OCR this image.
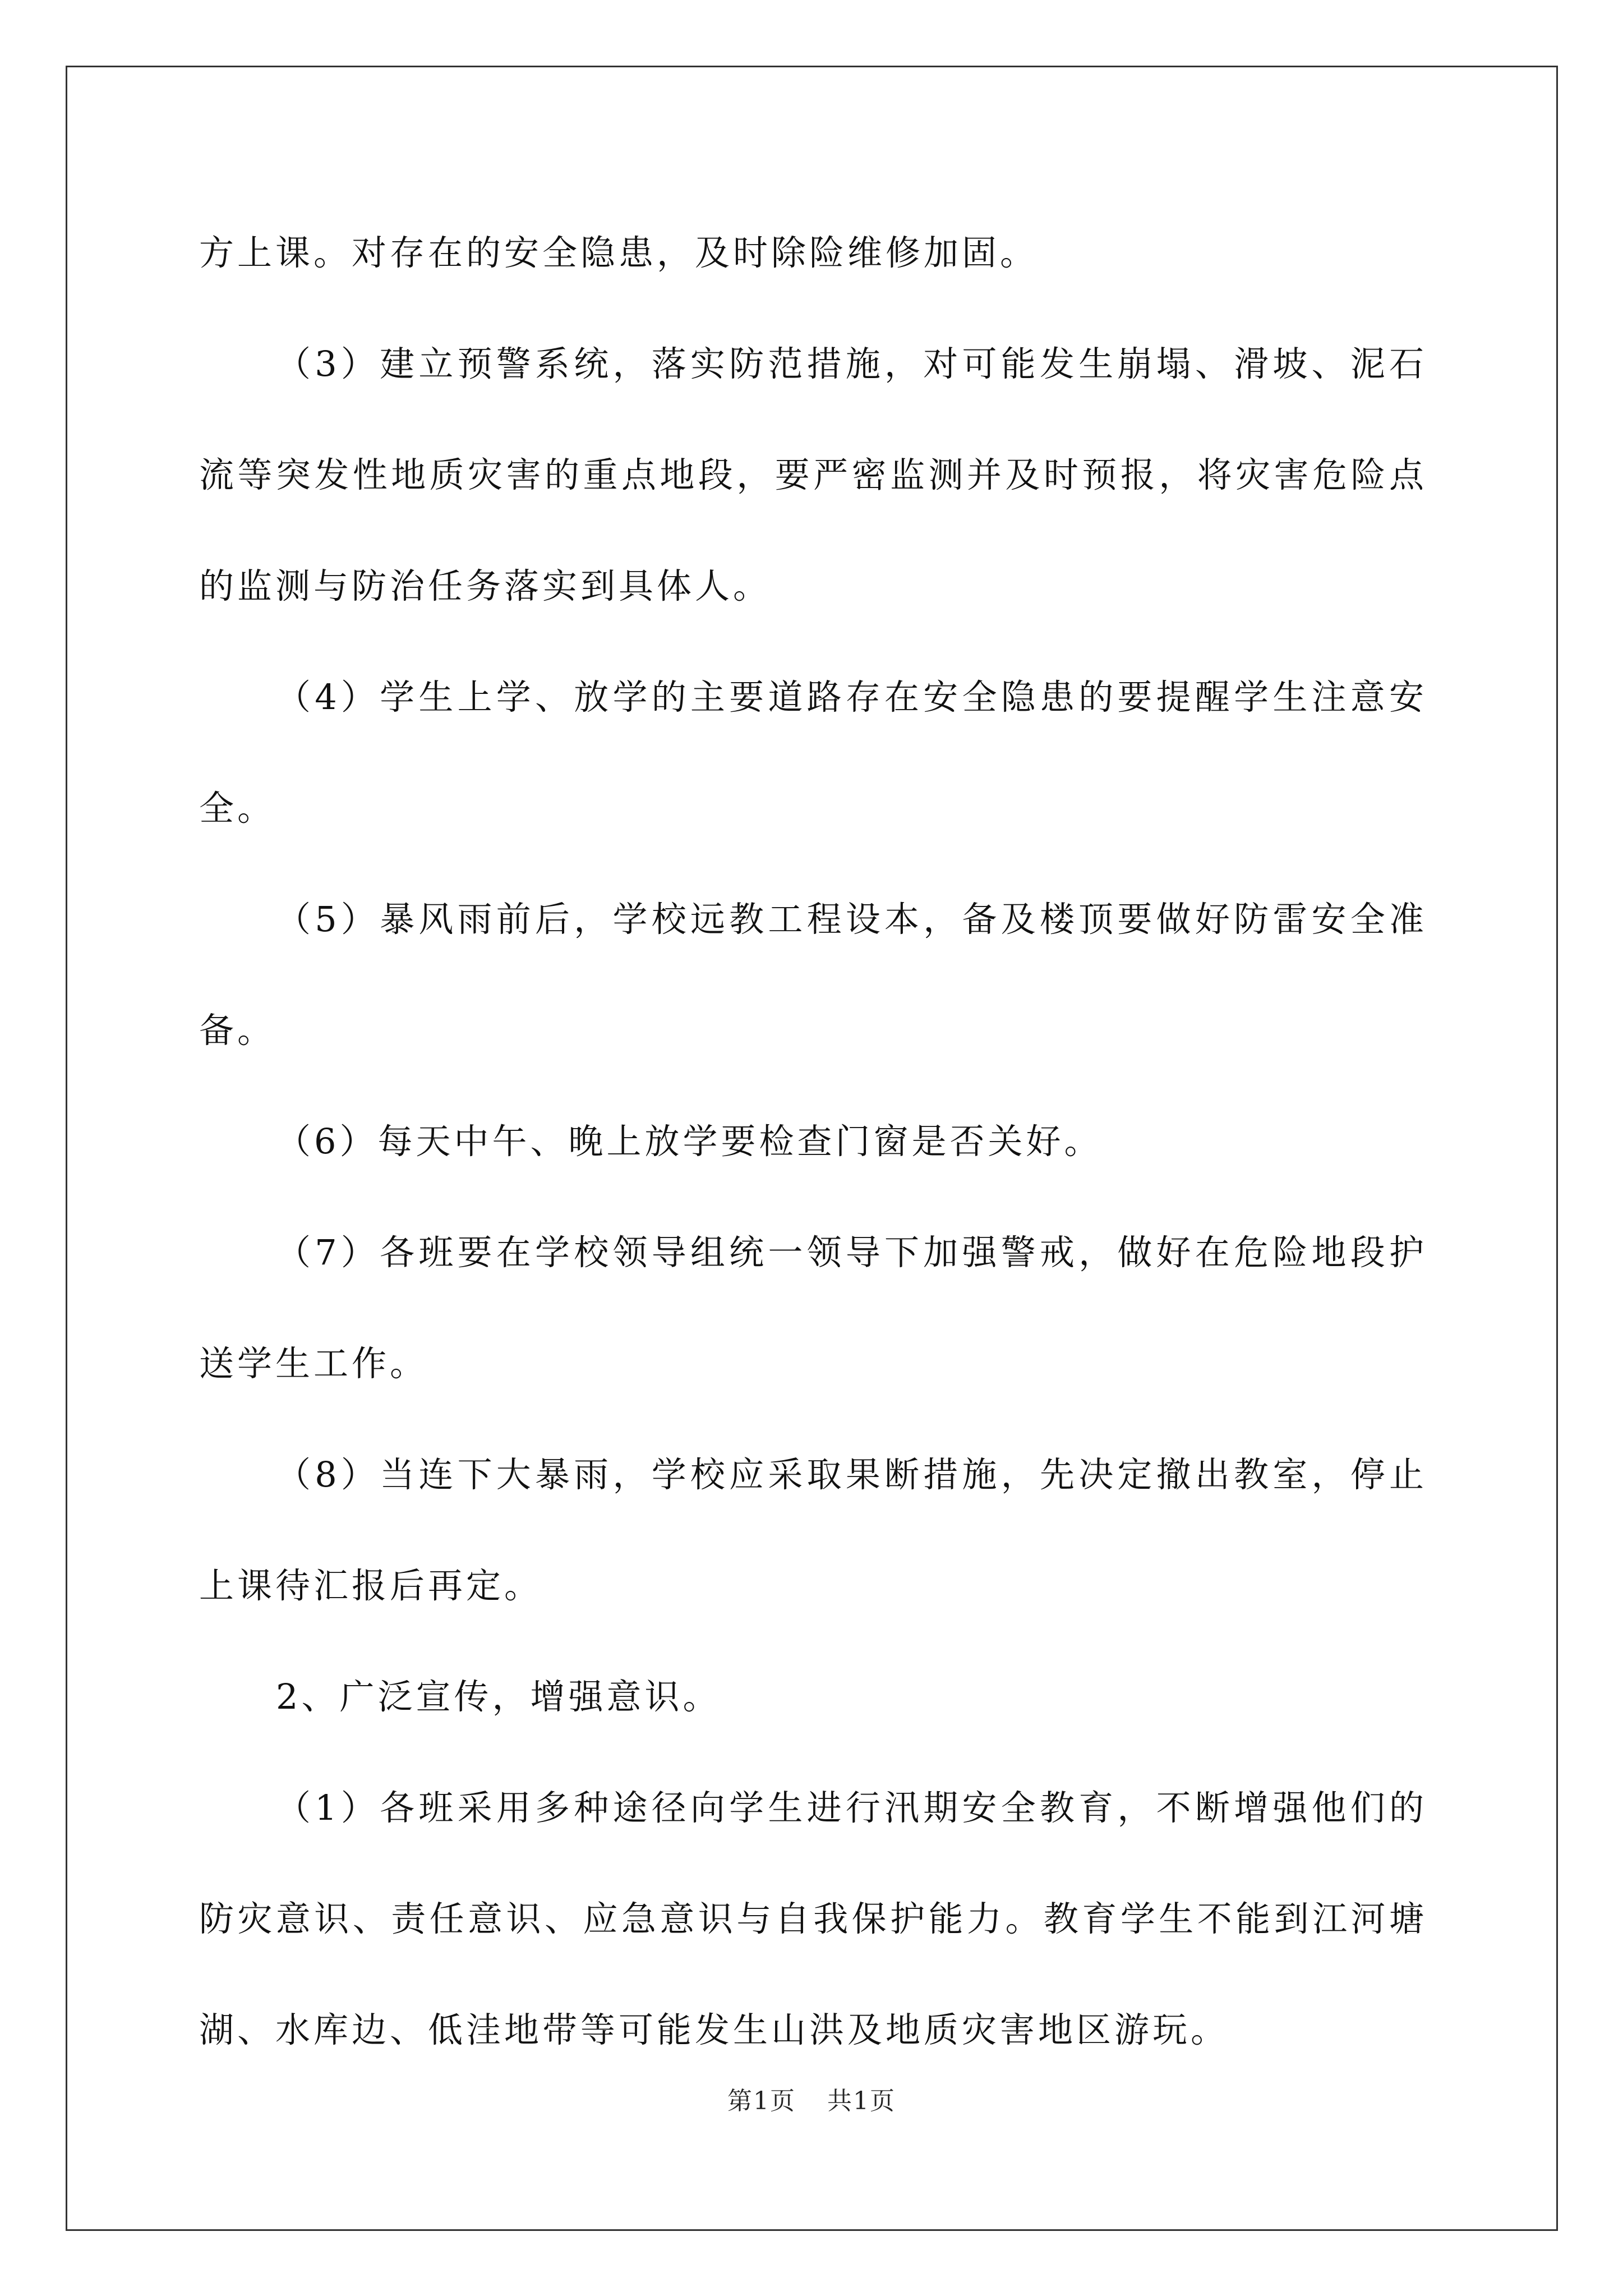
方上课。对存在的安全隐患，及时除险维修加固。

（3）建立预警系统，落实防范措施，对可能发生崩塌、滑坡、泥石流等突发性地质灾害的重点地段，要严密监测并及时预报，将灾害危险点的监测与防治任务落实到具体人。

（4）学生上学、放学的主要道路存在安全隐患的要提醒学生注意安全。

（5）暴风雨前后，学校远教工程设本，备及楼顶要做好防雷安全准备。

（6）每天中午、晚上放学要检查门窗是否关好。

（7）各班要在学校领导组统一领导下加强警戒，做好在危险地段护送学生工作。

（8）当连下大暴雨，学校应采取果断措施，先决定撤出教室，停止上课待汇报后再定。

2、广泛宣传，增强意识。

（1）各班采用多种途径向学生进行汛期安全教育，不断增强他们的防灾意识、责任意识、应急意识与自我保护能力。教育学生不能到江河塘湖、水库边、低洼地带等可能发生山洪及地质灾害地区游玩。

第1页 共1页
